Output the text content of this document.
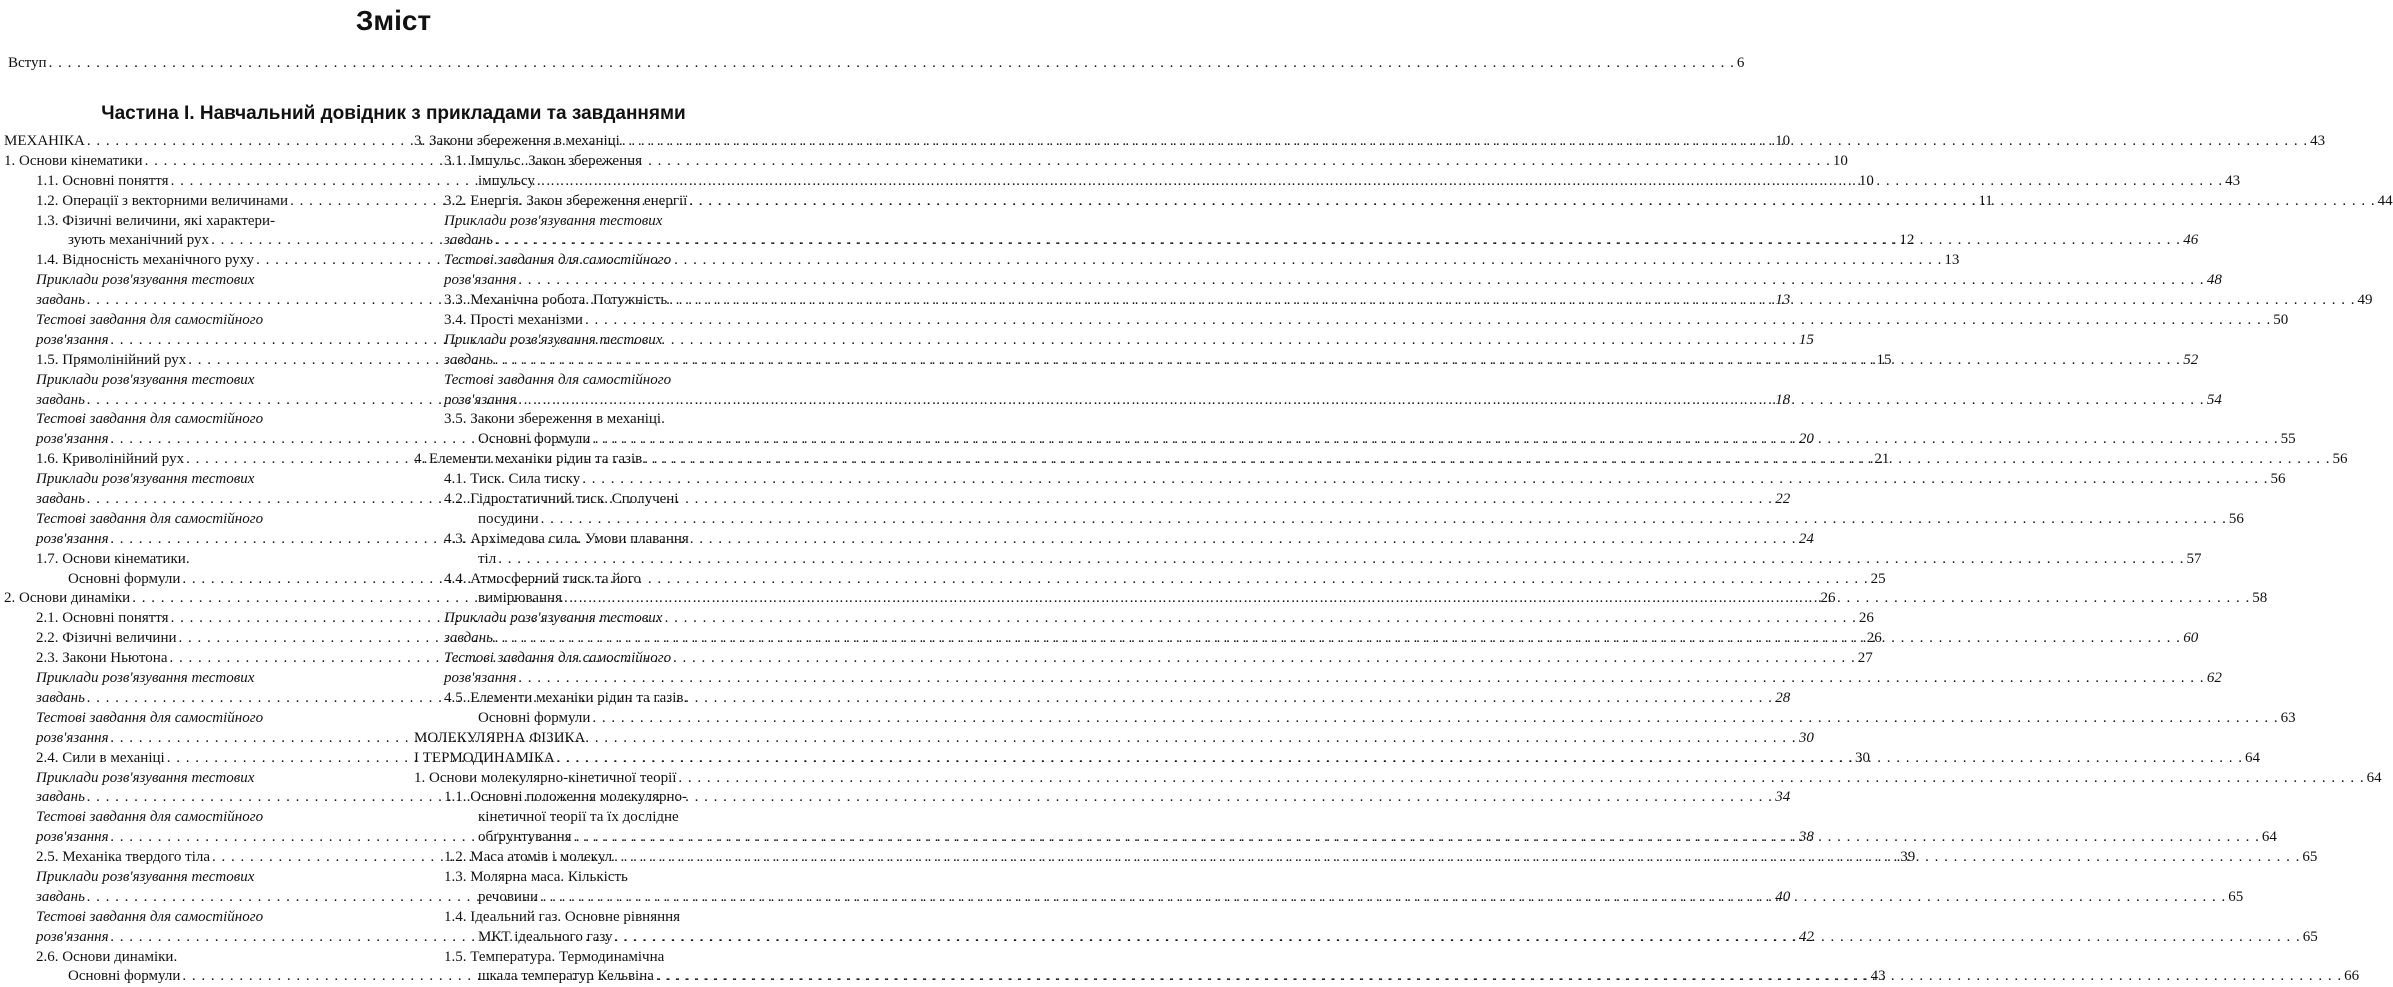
Зміст
Вступ . . .	6
Частина І. Навчальний довідник з прикладами та завданнями
МЕХАНІКА . . .	10
1. Основи кінематики . . .	10
1.1. Основні поняття . . .	10
1.2. Операції з векторними величинами . . .	11
1.3. Фізичні величини, які характери-
зують механічний рух . . .	12
1.4. Відносність механічного руху . . .	13
Приклади розв'язування тестових
завдань . . .	13
Тестові завдання для самостійного
розв'язання . . .	15
1.5. Прямолінійний рух . . .	15
Приклади розв'язування тестових
завдань . . .	18
Тестові завдання для самостійного
розв'язання . . .	20
1.6. Криволінійний рух . . .	21
Приклади розв'язування тестових
завдань . . .	22
Тестові завдання для самостійного
розв'язання . . .	24
1.7. Основи кінематики.
Основні формули . . .	25
2. Основи динаміки . . .	26
2.1. Основні поняття . . .	26
2.2. Фізичні величини . . .	26
2.3. Закони Ньютона . . .	27
Приклади розв'язування тестових
завдань . . .	28
Тестові завдання для самостійного
розв'язання . . .	30
2.4. Сили в механіці . . .	30
Приклади розв'язування тестових
завдань . . .	34
Тестові завдання для самостійного
розв'язання . . .	38
2.5. Механіка твердого тіла . . .	39
Приклади розв'язування тестових
завдань . . .	40
Тестові завдання для самостійного
розв'язання . . .	42
2.6. Основи динаміки.
Основні формули . . .	43
3. Закони збереження в механіці . . .	43
3.1. Імпульс. Закон збереження
імпульсу . . .	43
3.2. Енергія. Закон збереження енергії . . .	44
Приклади розв'язування тестових
завдань . . .	46
Тестові завдання для самостійного
розв'язання . . .	48
3.3. Механічна робота. Потужність . . .	49
3.4. Прості механізми . . .	50
Приклади розв'язування тестових
завдань . . .	52
Тестові завдання для самостійного
розв'язання . . .	54
3.5. Закони збереження в механіці.
Основні формули . . .	55
4. Елементи механіки рідин та газів . . .	56
4.1. Тиск. Сила тиску . . .	56
4.2. Гідростатичний тиск. Сполучені
посудини . . .	56
4.3. Архімедова сила. Умови плавання
тіл . . .	57
4.4. Атмосферний тиск та його
вимірювання . . .	58
Приклади розв'язування тестових
завдань . . .	60
Тестові завдання для самостійного
розв'язання . . .	62
4.5. Елементи механіки рідин та газів.
Основні формули . . .	63
МОЛЕКУЛЯРНА ФІЗИКА
І ТЕРМОДИНАМІКА . . .	64
1. Основи молекулярно-кінетичної теорії . . .	64
1.1. Основні положення молекулярно-
кінетичної теорії та їх дослідне
обґрунтування . . .	64
1.2. Маса атомів і молекул . . .	65
1.3. Молярна маса. Кількість
речовини . . .	65
1.4. Ідеальний газ. Основне рівняння
МКТ ідеального газу . . .	65
1.5. Температура. Термодинамічна
шкала температур Кельвіна . . .	66
